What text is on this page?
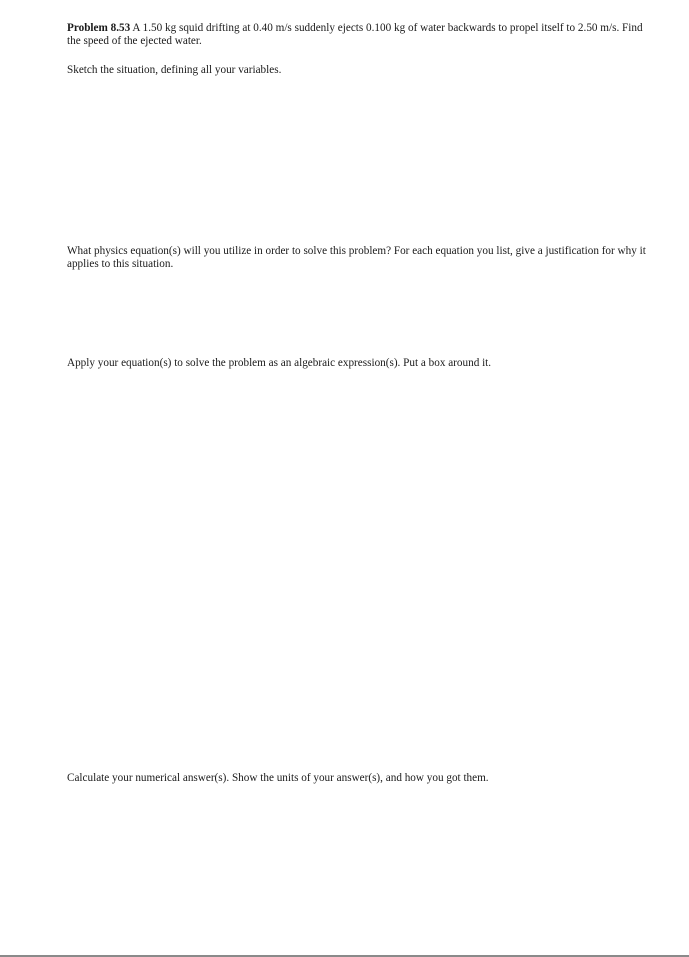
Problem 8.53 A 1.50 kg squid drifting at 0.40 m/s suddenly ejects 0.100 kg of water backwards to propel itself to 2.50 m/s. Find the speed of the ejected water.
Sketch the situation, defining all your variables.
What physics equation(s) will you utilize in order to solve this problem? For each equation you list, give a justification for why it applies to this situation.
Apply your equation(s) to solve the problem as an algebraic expression(s). Put a box around it.
Calculate your numerical answer(s). Show the units of your answer(s), and how you got them.
